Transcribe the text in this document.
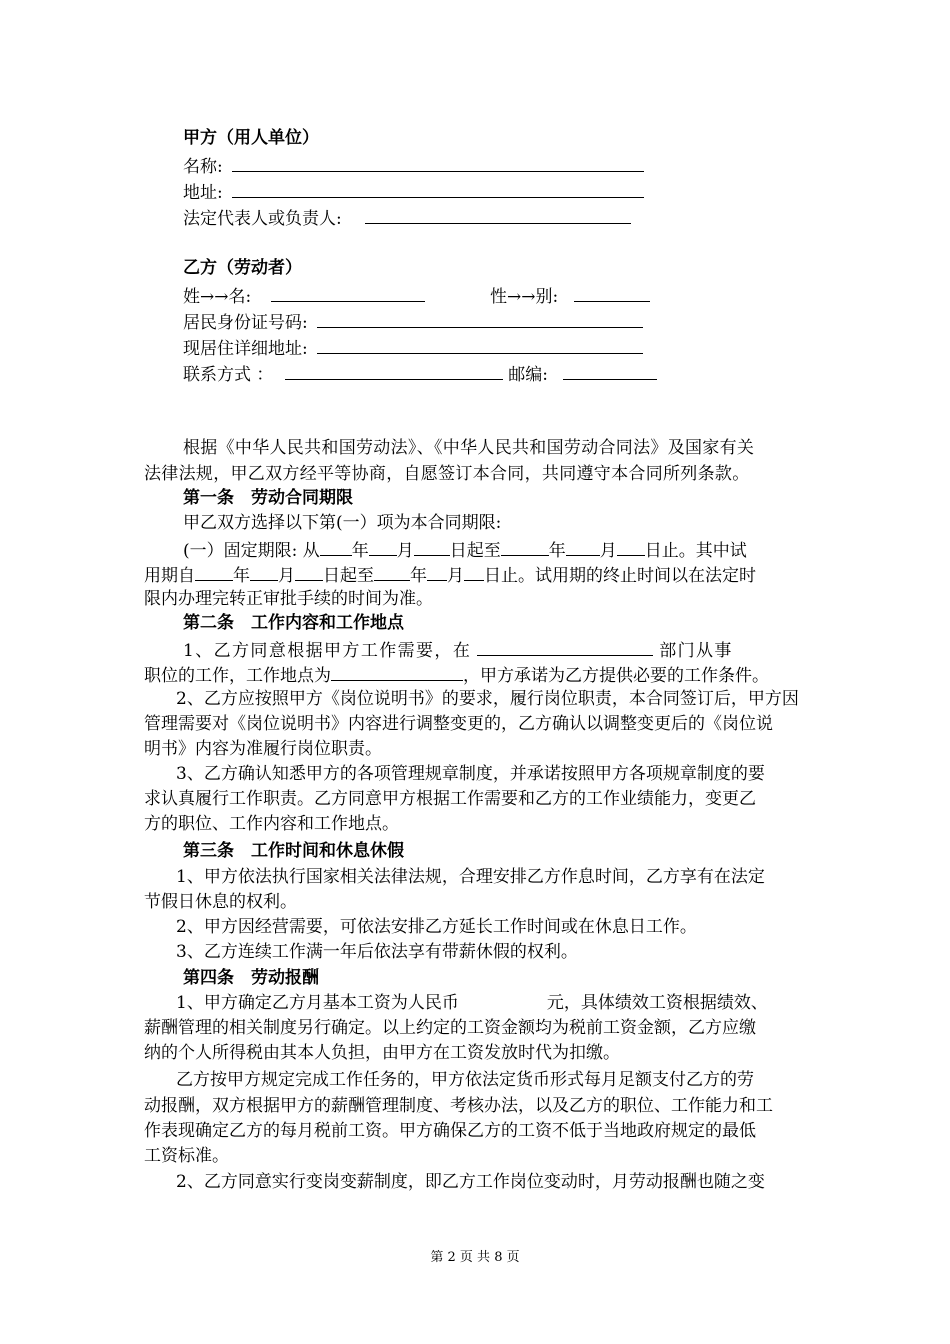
甲方（用人单位）
名称:
地址:
法定代表人或负责人:
乙方（劳动者）
姓→→名:	性→→别:
居民身份证号码:
现居住详细地址:
联系方式 ：	邮编:
根据《中华人民共和国劳动法》、《中华人民共和国劳动合同法》及国家有关
法律法规，甲乙双方经平等协商，自愿签订本合同，共同遵守本合同所列条款。
第一条　劳动合同期限
甲乙双方选择以下第(一）项为本合同期限:
(一）固定期限: 从 年 月 日起至	年 月 日止。其中试
用期自 年 月 日起至 年 月 日止。试用期的终止时间以在法定时
限内办理完转正审批手续的时间为准。
第二条　工作内容和工作地点
1、乙方同意根据甲方工作需要，在	部门从事
职位的工作，工作地点为	，甲方承诺为乙方提供必要的工作条件。
2、乙方应按照甲方《岗位说明书》的要求，履行岗位职责，本合同签订后，甲方因
管理需要对《岗位说明书》内容进行调整变更的，乙方确认以调整变更后的《岗位说
明书》内容为准履行岗位职责。
3、乙方确认知悉甲方的各项管理规章制度，并承诺按照甲方各项规章制度的要
求认真履行工作职责。乙方同意甲方根据工作需要和乙方的工作业绩能力，变更乙
方的职位、工作内容和工作地点。
第三条　工作时间和休息休假
1、甲方依法执行国家相关法律法规，合理安排乙方作息时间，乙方享有在法定
节假日休息的权利。
2、甲方因经营需要，可依法安排乙方延长工作时间或在休息日工作。
3、乙方连续工作满一年后依法享有带薪休假的权利。
第四条　劳动报酬
1、甲方确定乙方月基本工资为人民币	元，具体绩效工资根据绩效、
薪酬管理的相关制度另行确定。以上约定的工资金额均为税前工资金额，乙方应缴
纳的个人所得税由其本人负担，由甲方在工资发放时代为扣缴。
乙方按甲方规定完成工作任务的，甲方依法定货币形式每月足额支付乙方的劳
动报酬，双方根据甲方的薪酬管理制度、考核办法，以及乙方的职位、工作能力和工
作表现确定乙方的每月税前工资。甲方确保乙方的工资不低于当地政府规定的最低
工资标准。
2、乙方同意实行变岗变薪制度，即乙方工作岗位变动时，月劳动报酬也随之变
第 2 页 共 8 页
